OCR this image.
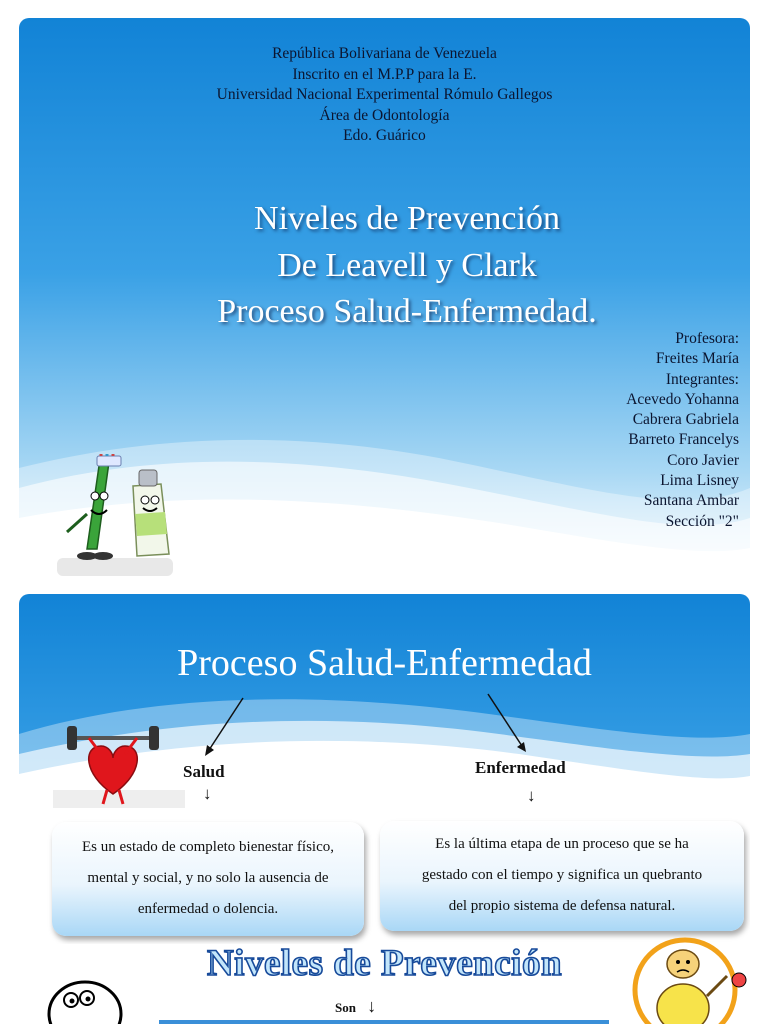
República Bolivariana de Venezuela
Inscrito en el M.P.P para la E.
Universidad Nacional Experimental Rómulo Gallegos
Área de Odontología
Edo. Guárico
Niveles de Prevención
De Leavell y Clark
Proceso Salud-Enfermedad.
Profesora:
Freites María
Integrantes:
Acevedo Yohanna
Cabrera Gabriela
Barreto Francelys
Coro Javier
Lima Lisney
Santana Ambar
Sección "2"
Proceso Salud-Enfermedad
Salud
↓
Enfermedad
↓
Es un estado de completo bienestar físico,
mental y social, y no solo la ausencia de
enfermedad o dolencia.
Es la última etapa de un proceso que se ha
gestado con el tiempo y significa un quebranto
del propio sistema de defensa natural.
Niveles de Prevención
Son ↓
